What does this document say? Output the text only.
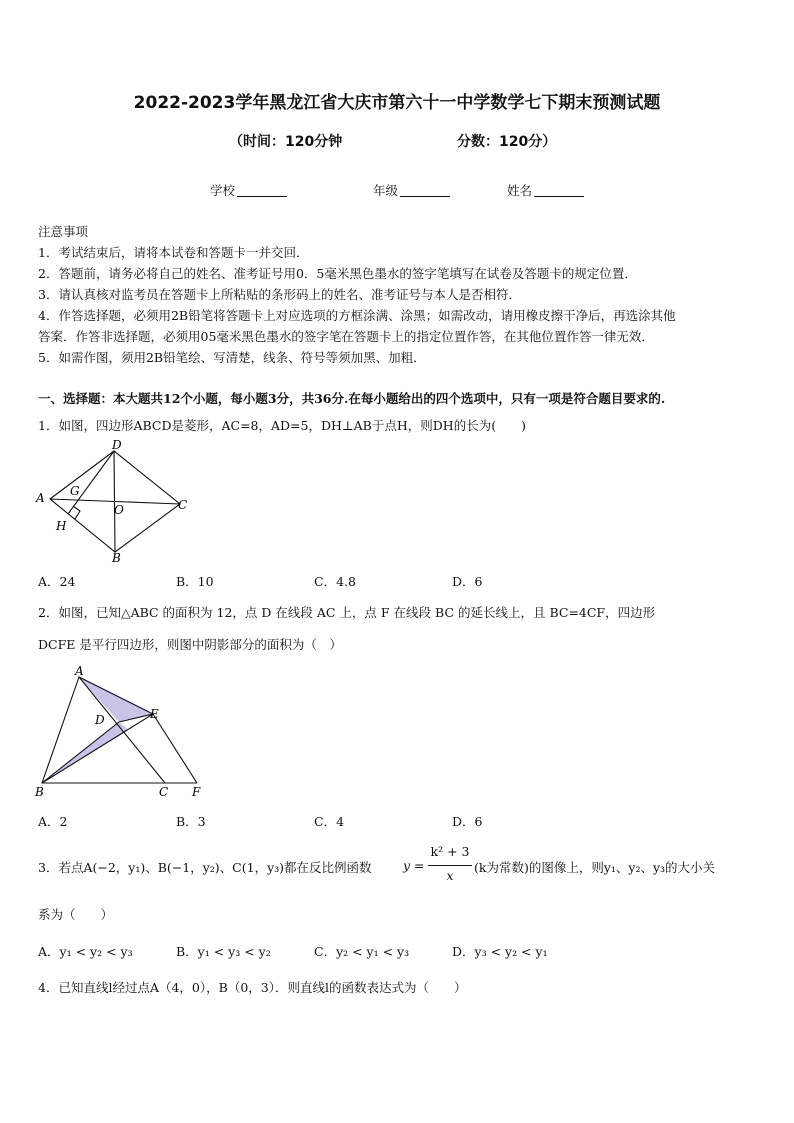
2022-2023学年黑龙江省大庆市第六十一中学数学七下期末预测试题
（时间：120分钟	分数：120分）
学校	年级	姓名
注意事项
1．考试结束后，请将本试卷和答题卡一并交回．
2．答题前，请务必将自己的姓名、准考证号用0．5毫米黑色墨水的签字笔填写在试卷及答题卡的规定位置．
3．请认真核对监考员在答题卡上所粘贴的条形码上的姓名、准考证号与本人是否相符．
4．作答选择题，必须用2B铅笔将答题卡上对应选项的方框涂满、涂黑；如需改动，请用橡皮擦干净后，再选涂其他
答案．作答非选择题，必须用05毫米黑色墨水的签字笔在答题卡上的指定位置作答，在其他位置作答一律无效．
5．如需作图，须用2B铅笔绘、写清楚，线条、符号等须加黑、加粗．
一、选择题：本大题共12个小题，每小题3分，共36分.在每小题给出的四个选项中，只有一项是符合题目要求的.
1．如图，四边形ABCD是菱形，AC=8，AD=5，DH⊥AB于点H，则DH的长为(　　)
D
A G
O	C
H
B
A．24	B．10	C．4.8	D．6
2．如图，已知△ABC 的面积为 12，点 D 在线段 AC 上，点 F 在线段 BC 的延长线上，且 BC=4CF，四边形
DCFE 是平行四边形，则图中阴影部分的面积为（　）
A
D	E
B	C F
A．2	B．3	C．4	D．6
3．若点A(−2，y₁)、B(−1，y₂)、C(1，y₃)都在反比例函数	y =
k² + 3
x
(k为常数)的图像上，则y₁、y₂、y₃的大小关
系为（　　）
A．y₁ < y₂ < y₃	B．y₁ < y₃ < y₂	C．y₂ < y₁ < y₃	D．y₃ < y₂ < y₁
4．已知直线l经过点A（4，0），B（0，3）．则直线l的函数表达式为（　　）
